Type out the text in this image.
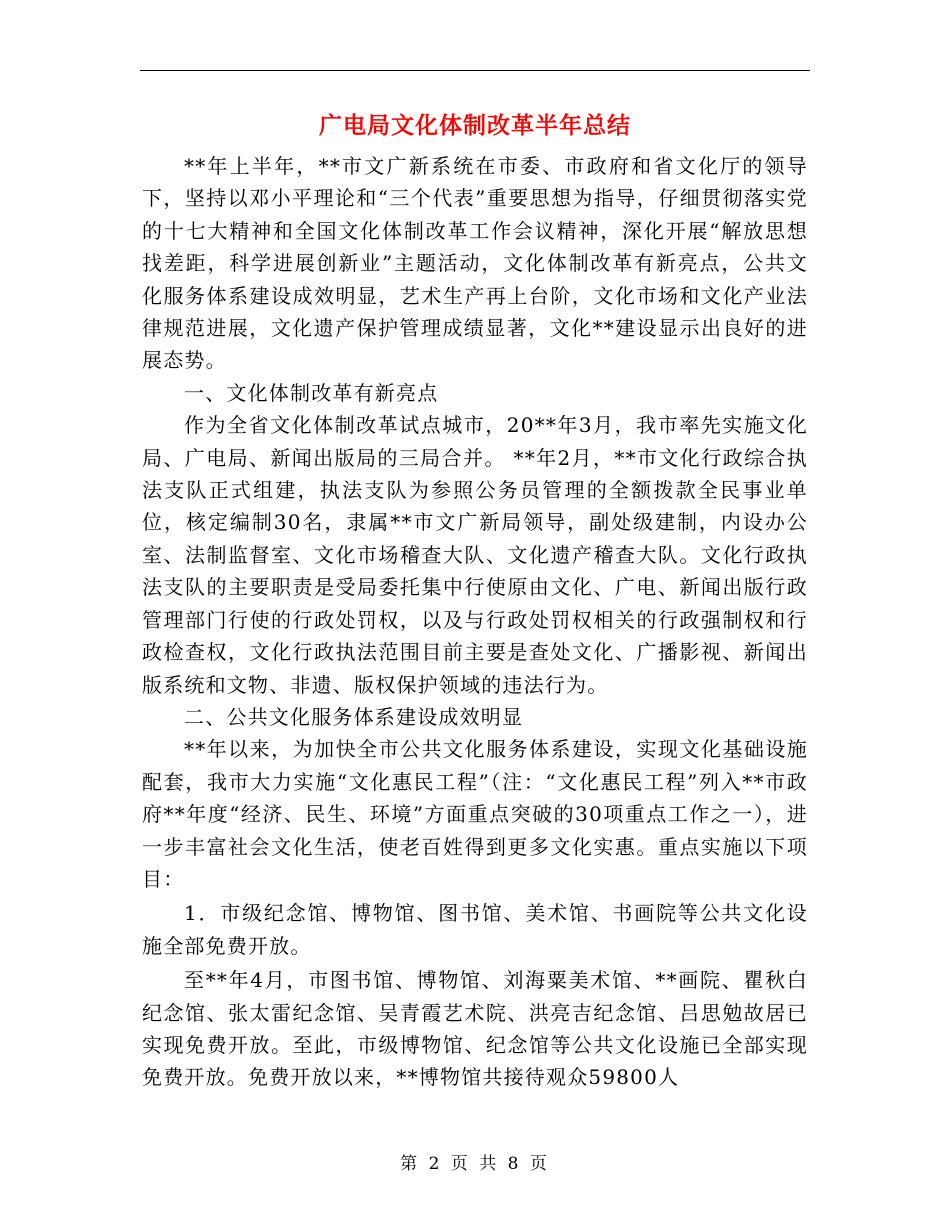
广电局文化体制改革半年总结

**年上半年，**市文广新系统在市委、市政府和省文化厅的领导下，坚持以邓小平理论和“三个代表”重要思想为指导，仔细贯彻落实党的十七大精神和全国文化体制改革工作会议精神，深化开展“解放思想找差距，科学进展创新业”主题活动，文化体制改革有新亮点，公共文化服务体系建设成效明显，艺术生产再上台阶，文化市场和文化产业法律规范进展，文化遗产保护管理成绩显著，文化**建设显示出良好的进展态势。

一、文化体制改革有新亮点

作为全省文化体制改革试点城市，20**年3月，我市率先实施文化局、广电局、新闻出版局的三局合并。 **年2月，**市文化行政综合执法支队正式组建，执法支队为参照公务员管理的全额拨款全民事业单位，核定编制30名，隶属**市文广新局领导，副处级建制，内设办公室、法制监督室、文化市场稽查大队、文化遗产稽查大队。文化行政执法支队的主要职责是受局委托集中行使原由文化、广电、新闻出版行政管理部门行使的行政处罚权，以及与行政处罚权相关的行政强制权和行政检查权，文化行政执法范围目前主要是查处文化、广播影视、新闻出版系统和文物、非遗、版权保护领域的违法行为。

二、公共文化服务体系建设成效明显

**年以来，为加快全市公共文化服务体系建设，实现文化基础设施配套，我市大力实施“文化惠民工程”（注：“文化惠民工程”列入**市政府**年度“经济、民生、环境”方面重点突破的30项重点工作之一），进一步丰富社会文化生活，使老百姓得到更多文化实惠。重点实施以下项目：

1．市级纪念馆、博物馆、图书馆、美术馆、书画院等公共文化设施全部免费开放。

至**年4月，市图书馆、博物馆、刘海粟美术馆、**画院、瞿秋白纪念馆、张太雷纪念馆、吴青霞艺术院、洪亮吉纪念馆、吕思勉故居已实现免费开放。至此，市级博物馆、纪念馆等公共文化设施已全部实现免费开放。免费开放以来，**博物馆共接待观众59800人

第 2 页 共 8 页
